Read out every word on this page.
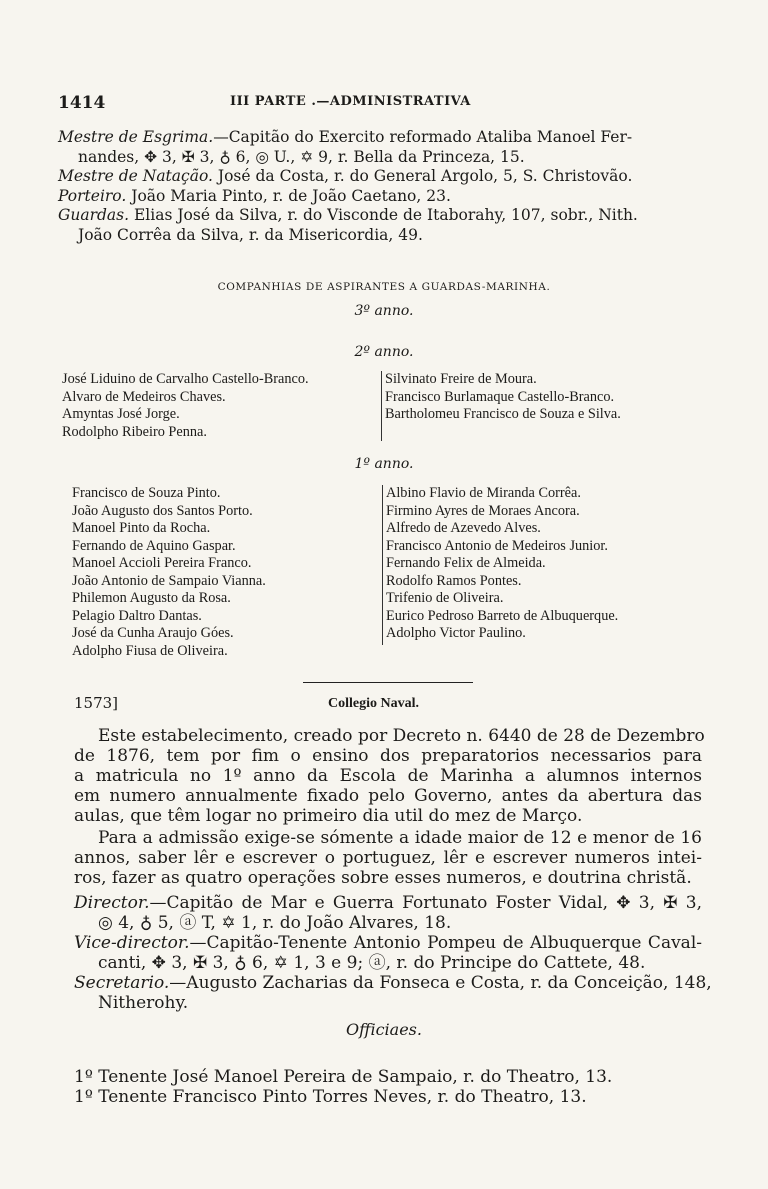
1414	III PARTE .—ADMINISTRATIVA
Mestre de Esgrima.—Capitão do Exercito reformado Ataliba Manoel Fer-
nandes, ✥ 3, ✠ 3, ♁ 6, ◎ U., ✡ 9, r. Bella da Princeza, 15.
Mestre de Natação. José da Costa, r. do General Argolo, 5, S. Christovão.
Porteiro. João Maria Pinto, r. de João Caetano, 23.
Guardas. Elias José da Silva, r. do Visconde de Itaborahy, 107, sobr., Nith.
João Corrêa da Silva, r. da Misericordia, 49.
COMPANHIAS DE ASPIRANTES A GUARDAS-MARINHA.
3º anno.
2º anno.
José Liduino de Carvalho Castello-Branco.
Alvaro de Medeiros Chaves.
Amyntas José Jorge.
Rodolpho Ribeiro Penna.
Silvinato Freire de Moura.
Francisco Burlamaque Castello-Branco.
Bartholomeu Francisco de Souza e Silva.
1º anno.
Francisco de Souza Pinto.
João Augusto dos Santos Porto.
Manoel Pinto da Rocha.
Fernando de Aquino Gaspar.
Manoel Accioli Pereira Franco.
João Antonio de Sampaio Vianna.
Philemon Augusto da Rosa.
Pelagio Daltro Dantas.
José da Cunha Araujo Góes.
Adolpho Fiusa de Oliveira.
Albino Flavio de Miranda Corrêa.
Firmino Ayres de Moraes Ancora.
Alfredo de Azevedo Alves.
Francisco Antonio de Medeiros Junior.
Fernando Felix de Almeida.
Rodolfo Ramos Pontes.
Trifenio de Oliveira.
Eurico Pedroso Barreto de Albuquerque.
Adolpho Victor Paulino.
1573]	Collegio Naval.
Este estabelecimento, creado por Decreto n. 6440 de 28 de Dezembro
de 1876, tem por fim o ensino dos preparatorios necessarios para
a matricula no 1º anno da Escola de Marinha a alumnos internos
em numero annualmente fixado pelo Governo, antes da abertura das
aulas, que têm logar no primeiro dia util do mez de Março.
Para a admissão exige-se sómente a idade maior de 12 e menor de 16
annos, saber lêr e escrever o portuguez, lêr e escrever numeros intei-
ros, fazer as quatro operações sobre esses numeros, e doutrina christã.
Director.—Capitão de Mar e Guerra Fortunato Foster Vidal, ✥ 3, ✠ 3,
◎ 4, ♁ 5, ⓐ T, ✡ 1, r. do João Alvares, 18.
Vice-director.—Capitão-Tenente Antonio Pompeu de Albuquerque Caval-
canti, ✥ 3, ✠ 3, ♁ 6, ✡ 1, 3 e 9; ⓐ, r. do Principe do Cattete, 48.
Secretario.—Augusto Zacharias da Fonseca e Costa, r. da Conceição, 148,
Nitherohy.
Officiaes.
1º Tenente José Manoel Pereira de Sampaio, r. do Theatro, 13.
1º Tenente Francisco Pinto Torres Neves, r. do Theatro, 13.
